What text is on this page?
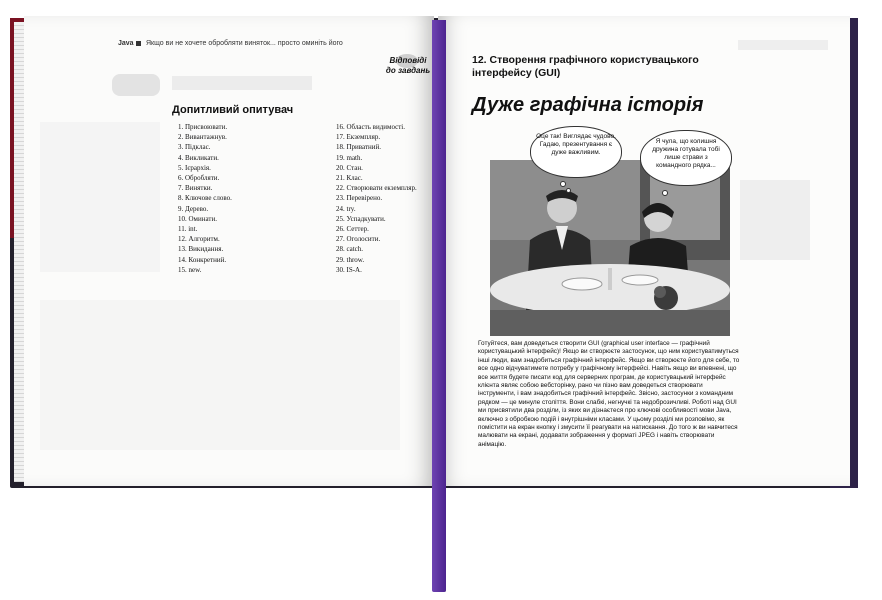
Java Якщо ви не хочете обробляти виняток... просто оминіть його
Відповіді
до завдань
Допитливий опитувач
1. Присвоювати.
2. Вивантажнув.
3. Підклас.
4. Викликати.
5. Ієрархія.
6. Обробляти.
7. Винятки.
8. Ключове слово.
9. Дерево.
10. Оминати.
11. int.
12. Алгоритм.
13. Викидання.
14. Конкретний.
15. new.
16. Область видимості.
17. Екземпляр.
18. Приватний.
19. math.
20. Стан.
21. Клас.
22. Створювати екземпляр.
23. Перевірено.
24. try.
25. Успадкувати.
26. Сеттер.
27. Оголосити.
28. catch.
29. throw.
30. IS-A.
12. Створення графічного користувацького інтерфейсу (GUI)
Дуже графічна історія
Оце так! Виглядає чудово. Гадаю, презентування є дуже важливим.
Я чула, що колишня дружина готувала тобі лише страви з командного рядка...
Готуйтеся, вам доведеться створити GUI (graphical user interface — графічний користувацький інтерфейс)! Якщо ви створюєте застосунок, що ним користуватимуться інші люди, вам знадобиться графічний інтерфейс. Якщо ви створюєте його для себе, то все одно відчуватимете потребу у графічному інтерфейсі. Навіть якщо ви впевнені, що все життя будете писати код для серверних програм, де користувацький інтерфейс клієнта являє собою вебсторінку, рано чи пізно вам доведеться створювати інструменти, і вам знадобиться графічний інтерфейс. Звісно, застосунки з командним рядком — це минуле століття. Вони слабкі, негнучкі та недоброзичливі. Роботі над GUI ми присвятили два розділи, із яких ви дізнаєтеся про ключові особливості мови Java, включно з обробкою подій і внутрішніми класами. У цьому розділі ми розповімо, як помістити на екран кнопку і змусити її реагувати на натискання. До того ж ви навчитеся малювати на екрані, додавати зображення у форматі JPEG і навіть створювати анімацію.
